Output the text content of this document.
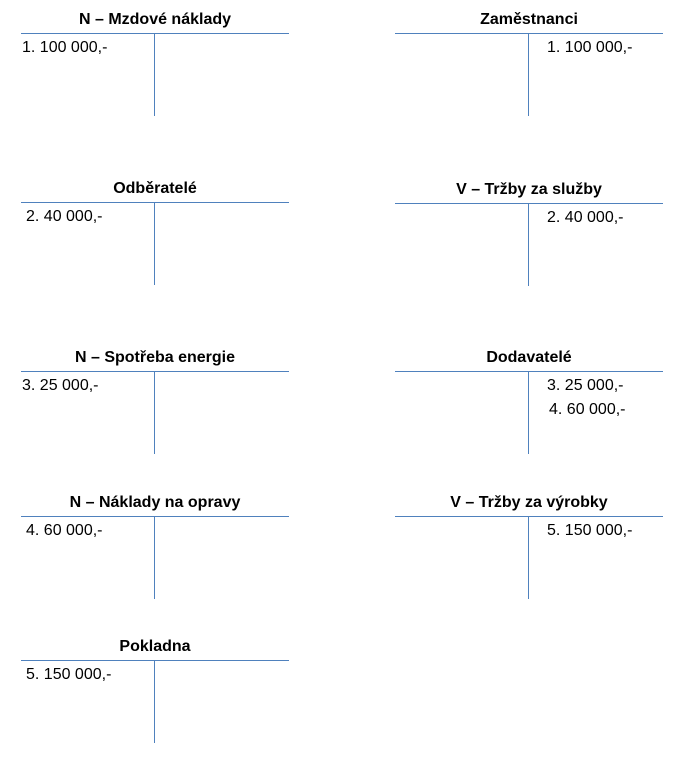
N – Mzdové náklady
1. 100 000,-
Zaměstnanci
1. 100 000,-
Odběratelé
2. 40 000,-
V – Tržby za služby
2. 40 000,-
N – Spotřeba energie
3. 25 000,-
Dodavatelé
3. 25 000,-
4. 60 000,-
N – Náklady na opravy
4. 60 000,-
V – Tržby za výrobky
5. 150 000,-
Pokladna
5. 150 000,-
